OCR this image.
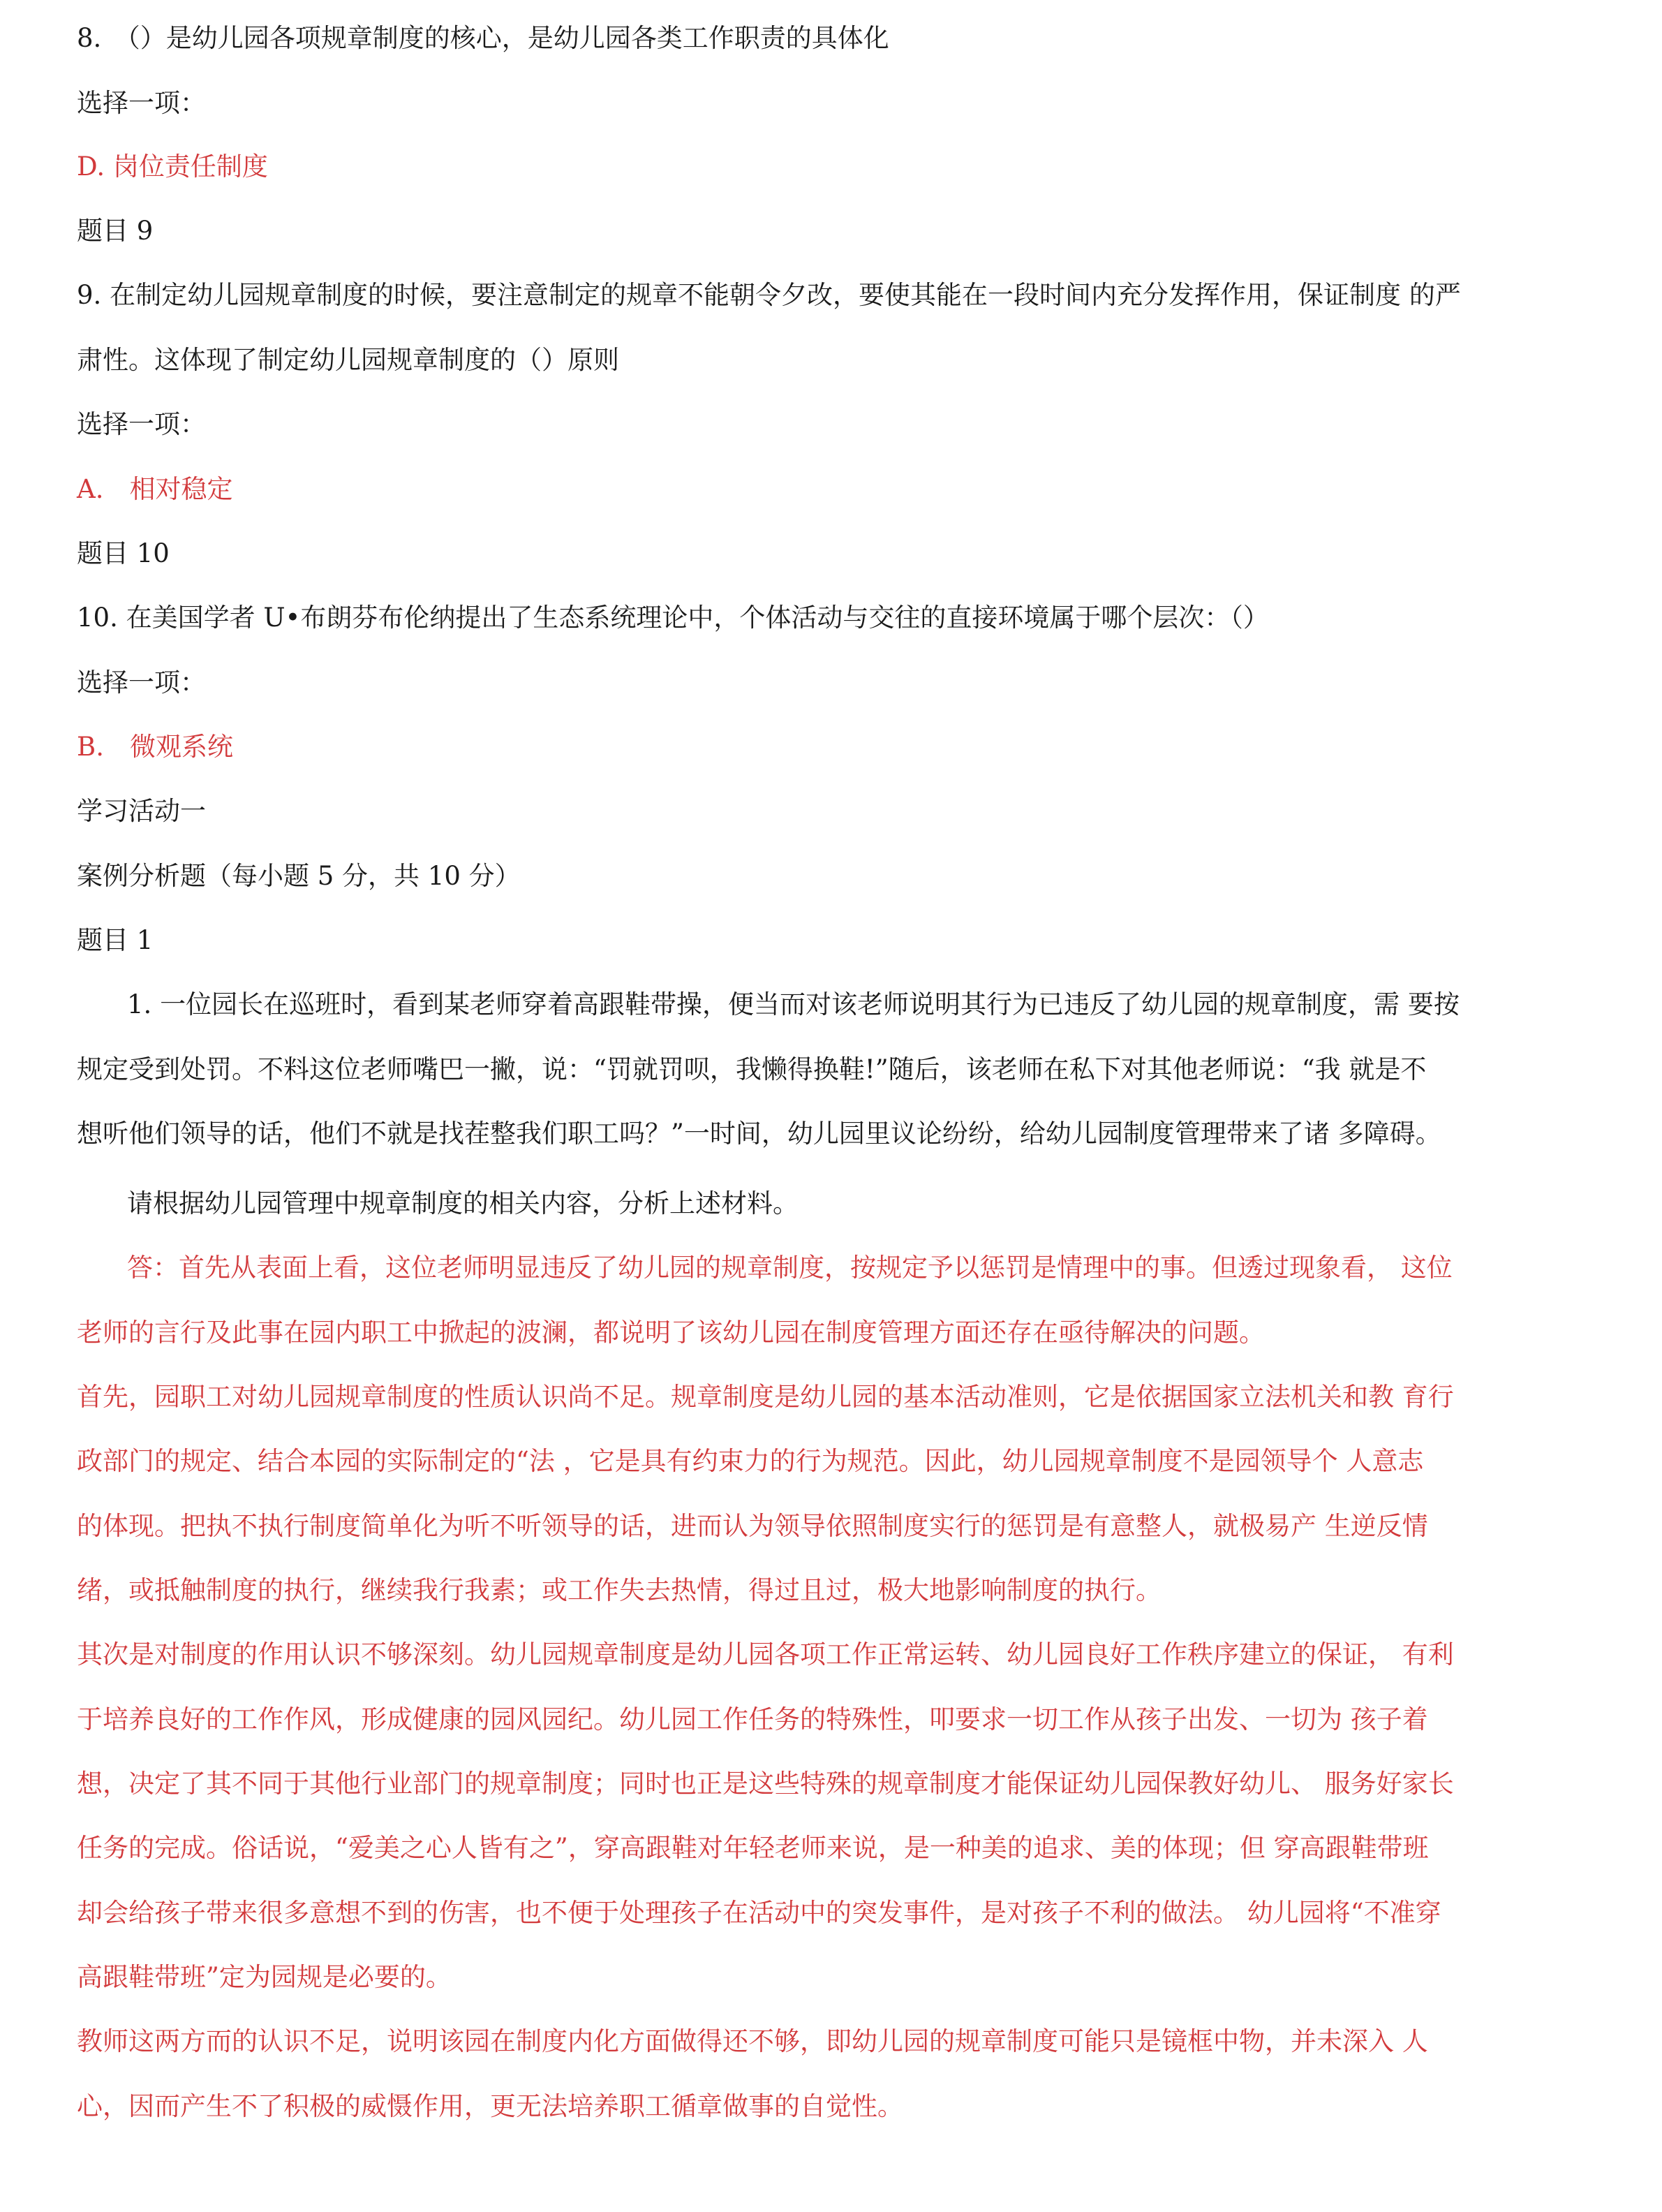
8.　（）是幼儿园各项规章制度的核心，是幼儿园各类工作职责的具体化
选择一项：
D. 岗位责任制度
题目 9
9. 在制定幼儿园规章制度的时候，要注意制定的规章不能朝令夕改，要使其能在一段时间内充分发挥作用，保证制度 的严
肃性。这体现了制定幼儿园规章制度的（）原则
选择一项：
A.　相对稳定
题目 10
10. 在美国学者 U•布朗芬布伦纳提出了生态系统理论中，个体活动与交往的直接环境属于哪个层次：（）
选择一项：
B.　微观系统
学习活动一
案例分析题（每小题 5 分，共 10 分）
题目 1
1. 一位园长在巡班时，看到某老师穿着高跟鞋带操，便当而对该老师说明其行为已违反了幼儿园的规章制度，需 要按
规定受到处罚。不料这位老师嘴巴一撇，说：“罚就罚呗，我懒得换鞋!”随后，该老师在私下对其他老师说：“我 就是不
想听他们领导的话，他们不就是找茬整我们职工吗？”一时间，幼儿园里议论纷纷，给幼儿园制度管理带来了诸 多障碍。
请根据幼儿园管理中规章制度的相关内容，分析上述材料。
答：首先从表面上看，这位老师明显违反了幼儿园的规章制度，按规定予以惩罚是情理中的事。但透过现象看， 这位
老师的言行及此事在园内职工中掀起的波澜，都说明了该幼儿园在制度管理方面还存在亟待解决的问题。
首先，园职工对幼儿园规章制度的性质认识尚不足。规章制度是幼儿园的基本活动准则，它是依据国家立法机关和教 育行
政部门的规定、结合本园的实际制定的“法 ，它是具有约束力的行为规范。因此，幼儿园规章制度不是园领导个 人意志
的体现。把执不执行制度简单化为听不听领导的话，进而认为领导依照制度实行的惩罚是有意整人，就极易产 生逆反情
绪，或抵触制度的执行，继续我行我素；或工作失去热情，得过且过，极大地影响制度的执行。
其次是对制度的作用认识不够深刻。幼儿园规章制度是幼儿园各项工作正常运转、幼儿园良好工作秩序建立的保证， 有利
于培养良好的工作作风，形成健康的园风园纪。幼儿园工作任务的特殊性，叩要求一切工作从孩子出发、一切为 孩子着
想，决定了其不同于其他行业部门的规章制度；同时也正是这些特殊的规章制度才能保证幼儿园保教好幼儿、 服务好家长
任务的完成。俗话说，“爱美之心人皆有之”，穿高跟鞋对年轻老师来说，是一种美的追求、美的体现；但 穿高跟鞋带班
却会给孩子带来很多意想不到的伤害，也不便于处理孩子在活动中的突发事件，是对孩子不利的做法。 幼儿园将“不准穿
高跟鞋带班”定为园规是必要的。
教师这两方而的认识不足，说明该园在制度内化方面做得还不够，即幼儿园的规章制度可能只是镜框中物，并未深入 人
心，因而产生不了积极的威慑作用，更无法培养职工循章做事的自觉性。
